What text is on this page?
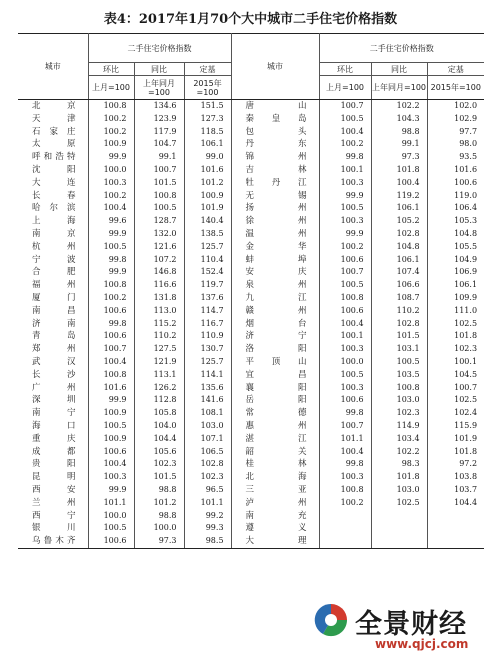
表4：2017年1月70个大中城市二手住宅价格指数
城市	二手住宅价格指数			城市	二手住宅价格指数		
	环比	同比	定基		环比	同比	定基
	上月=100	上年同月=100	2015年=100		上月=100	上年同月=100	2015年=100
北京	100.8	134.6	151.5	唐山	100.7	102.2	102.0
天津	100.2	123.9	127.3	秦皇岛	100.5	104.3	102.9
石家庄	100.2	117.9	118.5	包头	100.4	98.8	97.7
太原	100.9	104.7	106.1	丹东	100.2	99.1	98.0
呼和浩特	99.9	99.1	99.0	锦州	99.8	97.3	93.5
沈阳	100.0	100.7	101.6	吉林	100.1	101.8	101.6
大连	100.3	101.5	101.2	牡丹江	100.3	100.4	100.6
长春	100.2	100.8	100.9	无锡	99.9	119.2	119.0
哈尔滨	100.4	100.5	101.9	扬州	100.5	106.1	106.4
上海	99.6	128.7	140.4	徐州	100.3	105.2	105.3
南京	99.9	132.0	138.5	温州	99.9	102.8	104.8
杭州	100.5	121.6	125.7	金华	100.2	104.8	105.5
宁波	99.8	107.2	110.4	蚌埠	100.6	106.1	104.9
合肥	99.9	146.8	152.4	安庆	100.7	107.4	106.9
福州	100.8	116.6	119.7	泉州	100.5	106.6	106.1
厦门	100.2	131.8	137.6	九江	100.8	108.7	109.9
南昌	100.6	113.0	114.7	赣州	100.6	110.2	111.0
济南	99.8	115.2	116.7	烟台	100.4	102.8	102.5
青岛	100.6	110.2	110.9	济宁	100.1	101.5	101.8
郑州	100.7	127.5	130.7	洛阳	100.3	103.1	102.3
武汉	100.4	121.9	125.7	平顶山	100.0	100.5	100.1
长沙	100.8	113.1	114.1	宜昌	100.5	103.5	104.5
广州	101.6	126.2	135.6	襄阳	100.3	100.8	100.7
深圳	99.9	112.8	141.6	岳阳	100.6	103.0	102.5
南宁	100.9	105.8	108.1	常德	99.8	102.3	102.4
海口	100.5	104.0	103.0	惠州	100.7	114.9	115.9
重庆	100.9	104.4	107.1	湛江	101.1	103.4	101.9
成都	100.6	105.6	106.5	韶关	100.4	102.2	101.8
贵阳	100.4	102.3	102.8	桂林	99.8	98.3	97.2
昆明	100.3	101.5	102.3	北海	100.3	101.8	103.8
西安	99.9	98.8	96.5	三亚	100.8	103.0	103.7
兰州	101.1	101.2	101.1	泸州	100.2	102.5	104.4
西宁	100.0	98.8	99.2	南充			
银川	100.5	100.0	99.3	遵义			
乌鲁木齐	100.6	97.3	98.5	大理			
全景财经
www.qjcj.com
